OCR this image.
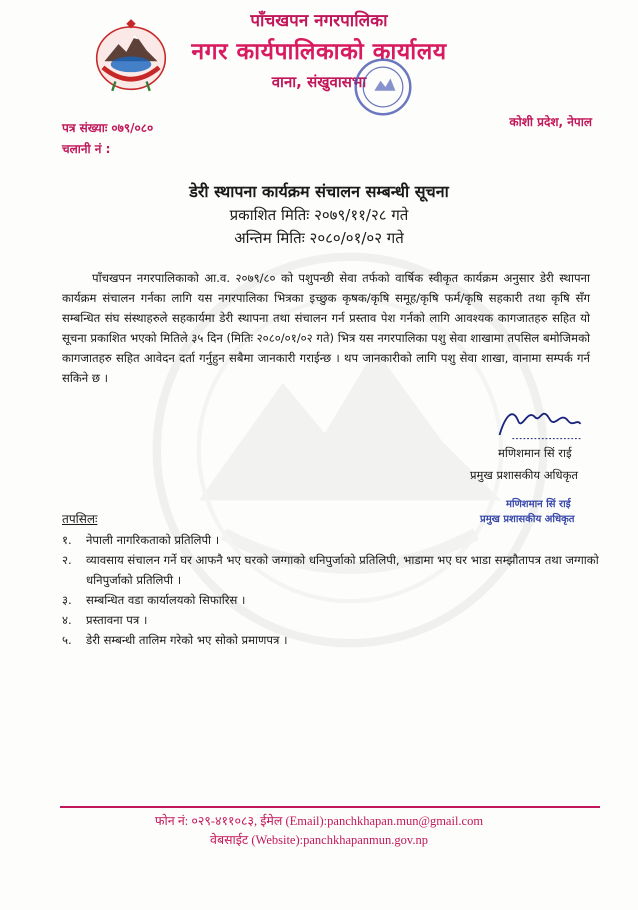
पाँचखपन नगरपालिका
नगर कार्यपालिकाको कार्यालय
वाना, संखुवासभा
पत्र संख्याः ०७९/०८०
चलानी नं :
कोशी प्रदेश, नेपाल
डेरी स्थापना कार्यक्रम संचालन सम्बन्धी सूचना
प्रकाशित मितिः २०७९/११/२८ गते
अन्तिम मितिः २०८०/०१/०२ गते
पाँचखपन नगरपालिकाको आ.व. २०७९/८० को पशुपन्छी सेवा तर्फको वार्षिक स्वीकृत कार्यक्रम अनुसार डेरी स्थापना कार्यक्रम संचालन गर्नका लागि यस नगरपालिका भित्रका इच्छुक कृषक/कृषि समूह/कृषि फर्म/कृषि सहकारी तथा कृषि सँग सम्बन्धित संघ संस्थाहरुले सहकार्यमा डेरी स्थापना तथा संचालन गर्न प्रस्ताव पेश गर्नको लागि आवश्यक कागजातहरु सहित यो सूचना प्रकाशित भएको मितिले ३५ दिन (मितिः २०८०/०१/०२ गते) भित्र यस नगरपालिका पशु सेवा शाखामा तपसिल बमोजिमको कागजातहरु सहित आवेदन दर्ता गर्नुहुन सबैमा जानकारी गराईन्छ । थप जानकारीको लागि पशु सेवा शाखा, वानामा सम्पर्क गर्न सकिने छ ।
मणिशमान सिं राई
प्रमुख प्रशासकीय अधिकृत
मणिशमान सिं राई
प्रमुख प्रशासकीय अधिकृत
तपसिलः
१. नेपाली नागरिकताको प्रतिलिपी ।
२. व्यावसाय संचालन गर्ने घर आफनै भए घरको जग्गाको धनिपुर्जाको प्रतिलिपी, भाडामा भए घर भाडा सम्झौतापत्र तथा जग्गाको धनिपुर्जाको प्रतिलिपी ।
३. सम्बन्धित वडा कार्यालयको सिफारिस ।
४. प्रस्तावना पत्र ।
५. डेरी सम्बन्धी तालिम गरेको भए सोको प्रमाणपत्र ।
फोन नं: ०२९-४११०८३, ईमेल (Email):panchkhapan.mun@gmail.com
वेबसाईट (Website):panchkhapanmun.gov.np
